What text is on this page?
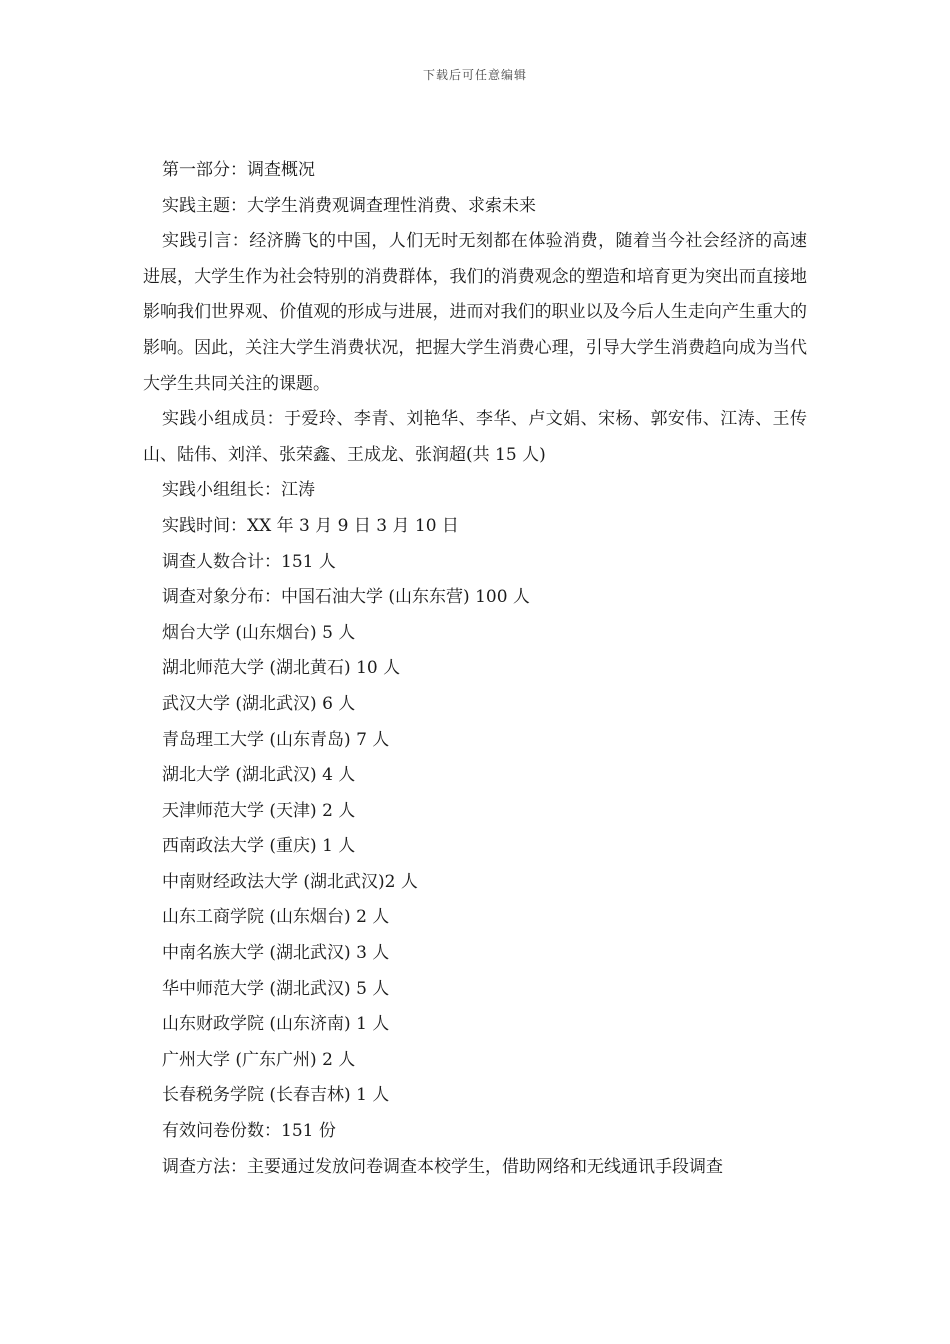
下载后可任意编辑

第一部分：调查概况

实践主题：大学生消费观调查理性消费、求索未来

实践引言：经济腾飞的中国，人们无时无刻都在体验消费，随着当今社会经济的高速进展，大学生作为社会特别的消费群体，我们的消费观念的塑造和培育更为突出而直接地影响我们世界观、价值观的形成与进展，进而对我们的职业以及今后人生走向产生重大的影响。因此，关注大学生消费状况，把握大学生消费心理，引导大学生消费趋向成为当代大学生共同关注的课题。

实践小组成员：于爱玲、李青、刘艳华、李华、卢文娟、宋杨、郭安伟、江涛、王传山、陆伟、刘洋、张荣鑫、王成龙、张润超(共 15 人)

实践小组组长：江涛

实践时间：XX 年 3 月 9 日 3 月 10 日

调查人数合计：151 人

调查对象分布：中国石油大学 (山东东营) 100 人

烟台大学 (山东烟台) 5 人

湖北师范大学 (湖北黄石) 10 人

武汉大学 (湖北武汉) 6 人

青岛理工大学 (山东青岛) 7 人

湖北大学 (湖北武汉) 4 人

天津师范大学 (天津) 2 人

西南政法大学 (重庆) 1 人

中南财经政法大学 (湖北武汉)2 人

山东工商学院 (山东烟台) 2 人

中南名族大学 (湖北武汉) 3 人

华中师范大学 (湖北武汉) 5 人

山东财政学院 (山东济南) 1 人

广州大学 (广东广州) 2 人

长春税务学院 (长春吉林) 1 人

有效问卷份数：151 份

调查方法：主要通过发放问卷调查本校学生，借助网络和无线通讯手段调查
